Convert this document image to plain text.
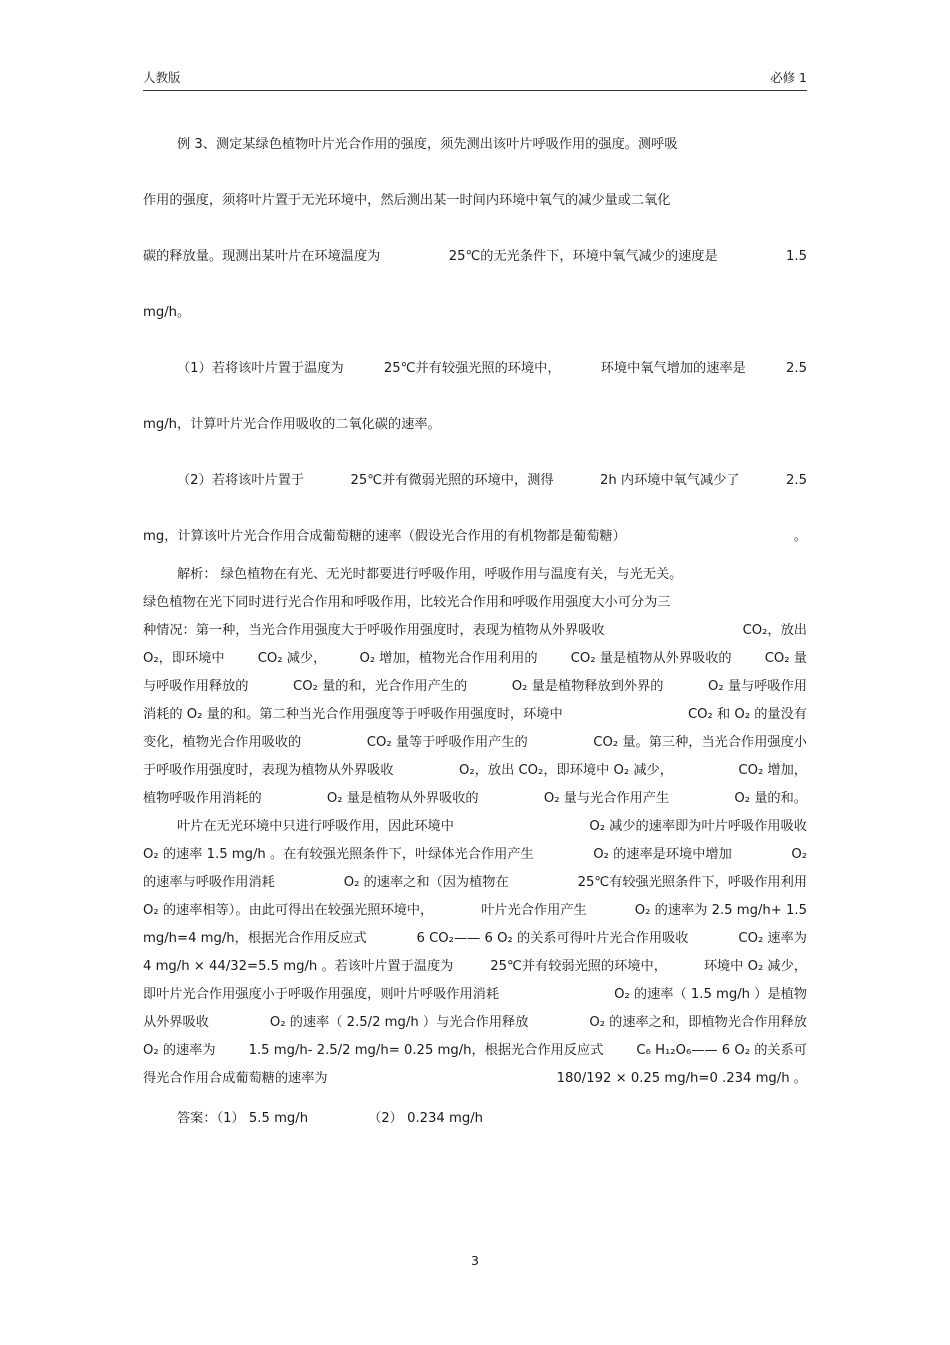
人教版	必修 1
例 3、测定某绿色植物叶片光合作用的强度，须先测出该叶片呼吸作用的强度。测呼吸
作用的强度，须将叶片置于无光环境中，然后测出某一时间内环境中氧气的减少量或二氧化
碳的释放量。现测出某叶片在环境温度为	25℃的无光条件下，环境中氧气减少的速度是	1.5
mg/h。
（1）若将该叶片置于温度为	25℃并有较强光照的环境中，	环境中氧气增加的速率是	2.5
mg/h，计算叶片光合作用吸收的二氧化碳的速率。
（2）若将该叶片置于	25℃并有微弱光照的环境中，测得	2h 内环境中氧气减少了	2.5
mg，计算该叶片光合作用合成葡萄糖的速率（假设光合作用的有机物都是葡萄糖）	。
解析： 绿色植物在有光、无光时都要进行呼吸作用，呼吸作用与温度有关，与光无关。
绿色植物在光下同时进行光合作用和呼吸作用，比较光合作用和呼吸作用强度大小可分为三
种情况：第一种，当光合作用强度大于呼吸作用强度时，表现为植物从外界吸收	CO₂，放出
O₂，即环境中	CO₂ 减少，	O₂ 增加，植物光合作用利用的	CO₂ 量是植物从外界吸收的	CO₂ 量
与呼吸作用释放的	CO₂ 量的和，光合作用产生的	O₂ 量是植物释放到外界的	O₂ 量与呼吸作用
消耗的 O₂ 量的和。第二种当光合作用强度等于呼吸作用强度时，环境中	CO₂ 和 O₂ 的量没有
变化，植物光合作用吸收的	CO₂ 量等于呼吸作用产生的	CO₂ 量。第三种，当光合作用强度小
于呼吸作用强度时，表现为植物从外界吸收	O₂，放出 CO₂，即环境中 O₂ 减少，	CO₂ 增加，
植物呼吸作用消耗的	O₂ 量是植物从外界吸收的	O₂ 量与光合作用产生	O₂ 量的和。
叶片在无光环境中只进行呼吸作用，因此环境中	O₂ 减少的速率即为叶片呼吸作用吸收
O₂ 的速率 1.5 mg/h 。在有较强光照条件下，叶绿体光合作用产生	O₂ 的速率是环境中增加	O₂
的速率与呼吸作用消耗	O₂ 的速率之和（因为植物在	25℃有较强光照条件下，呼吸作用利用
O₂ 的速率相等）。由此可得出在较强光照环境中，	叶片光合作用产生	O₂ 的速率为 2.5 mg/h+ 1.5
mg/h=4 mg/h，根据光合作用反应式	6 CO₂—— 6 O₂ 的关系可得叶片光合作用吸收	CO₂ 速率为
4 mg/h × 44/32=5.5 mg/h 。若该叶片置于温度为	25℃并有较弱光照的环境中，	环境中 O₂ 减少，
即叶片光合作用强度小于呼吸作用强度，则叶片呼吸作用消耗	O₂ 的速率（ 1.5 mg/h ）是植物
从外界吸收	O₂ 的速率（ 2.5/2 mg/h ）与光合作用释放	O₂ 的速率之和，即植物光合作用释放
O₂ 的速率为 1.5 mg/h- 2.5/2 mg/h= 0.25 mg/h，根据光合作用反应式 C₆ H₁₂O₆—— 6 O₂ 的关系可
得光合作用合成葡萄糖的速率为	180/192 × 0.25 mg/h=0 .234 mg/h 。
答案：（1） 5.5 mg/h	（2） 0.234 mg/h
3
